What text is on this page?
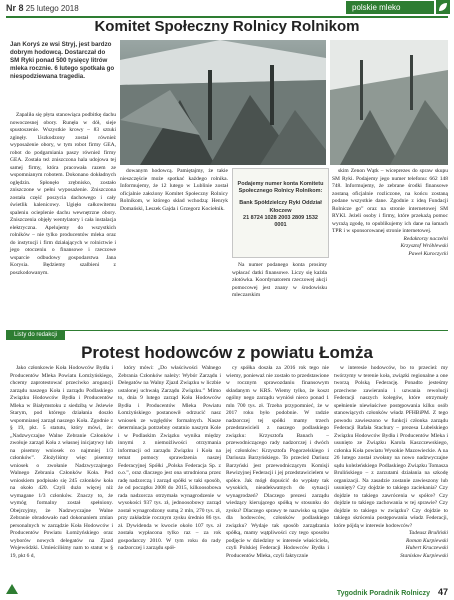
Nr 8 25 lutego 2018	polskie mleko
Komitet Społeczny Rolnicy Rolnikom
Jan Koryś ze wsi Stryj, jest bardzo dobrym hodowcą. Dostarczał do SM Ryki ponad 500 tysięcy litrów mleka rocznie. 6 lutego spotkała go niespodziewana tragedia.

Zapaliła się płyta stanowiąca podbitkę dachu nowoczesnej obory. Runęła w dół, sieje spustoszenie. Wszystkie krowy – 83 sztuki zginęły. Uszkodzony został również wyposażenie obory, w tym robot firmy GEA, robot do podgarniania paszy również firmy GEA. Została też zniszczona hala udojowa tej samej firmy, która pracowała razem ze wspomnianym robotem. Dokonano dokładnych oględzin. Spłonęło zrębnisko, zostało zniszczone w pełni wyposażenie. Zniszczona została część poszycia dachowego i cały świetlik kalenicowy. Ugięło całkowitemu spaleniu ocieplenie dachu wewnętrzne obory. Zniszczenia objęły wentylatory i cała instalacja elektryczna. Apelujemy do wszystkich rolników – nie tylko producentów mleka oraz do instytucji i firm działających w rolnictwie i jego otoczeniu o finansowe i rzeczowe wsparcie odbudowy gospodarstwa Jana Korysia. Będziemy szalbieni z poszkodowanym.

dowanym hodowcą. Pamiętajmy, że takie nieszczęście może spotkać każdego rolnika. Informujemy, że 12 lutego w Lublinie został oficjalnie założony Komitet Społeczny Rolnicy Rolnikom, w którego skład wchodzą: Henryk Domański, Leszek Gajda i Grzegorz Kociełnik.

Podajemy numer konta Komitetu Społecznego Rolnicy Rolnikom:
Bank Spółdzielczy Ryki Oddział Kłoczew
21 8724 1028 2003 2809 1532 0001

Na numer podanego konta prosimy wpłacać datki finansowe. Liczy się każda złotówka. Koordynatorem rzeczowej akcji pomocowej jest znany w środowisku mleczarskim

skim Zenon Wątk – wiceprezes do spraw skupu SM Ryki. Podajemy jego numer telefonu: 662 148 748. Informujemy, że zebrane środki finansowe zostaną oficjalnie rozliczone, na końcu zostaną podane wszystkie dane. Zgodnie z ideą Fundacji Rolnicze go” oraz na stronie internetowej SM RYKI. Jeżeli osoby i firmy, które przekażą pomoc wyrażą zgodę, to opublikujemy ich dane na łamach TPR i w sponsorowanej stronie internetowej.

Redaktorzy naczelni
Krzysztof Wróblewski
Paweł Kuroczycki
Listy do redakcji
Protest hodowców z powiatu Łomża

Jako członkowie Koła Hodowców Bydła i Producentów Mleka Powiatu Łomżyńskiego, chcemy zaprotestować przeciwko arogancji zarządu naszego Koła i zarządu Podlaskiego Związku Hodowców Bydła i Producentów Mleka w Białymstoku z siedzibą w Jeżewie Starym, pod którego działania doszło wspomnianej zarząd naszego Koła. Zgodnie z § 19, pkt. 5 statutu, który mówi, że: „Nadzwyczajne Walne Zebranie Członków zwołuje zarząd Koła z własnej inicjatywy lub na pisemny wniosek co najmniej 1/3 członków”. Złożyliśmy więc pisemny wniosek o zwołanie Nadzwyczajnego Walnego Zebrania Członków Koła. Pod wnioskiem podpisało się 245 członków koła na około 420. Czyli dużo więcej niż wymagane 1/3 członków. Znaczy to, że wymóg formalny został spełniony. Obejrzyjmy, że Nadzwyczajne Walne Zebranie obradowało nad dokonaniem zmian personalnych w zarządzie Koła Hodowców i Producentów Powiatu Łomżyńskiego oraz wyborów nowych delegatów na Zjazd Wojewódzki. Umieściliśmy nam to statut w § 19, pkt 6 d,

który mówi: „Do właściwości Walnego Zebrania Członków należy: Wybór Zarządu i Delegatów na Walny Zjazd Związku w liczbie ustalonej uchwałą Zarządu Związku.” Mimo to, dnia 9 lutego zarząd Koła Hodowców Bydła i Producentów Mleka Powiatu Łomżyńskiego postanowił odrzucić nasz wniosek ze względów formalnych. Nasze determinacja potrzebny ostatnio naszym Kole i w Podlaskim Związku wynika między innymi z niemożliwości otrzymania informacji od zarządu Związku i Koła na temat pomocy sprawdzenia naszej Federacyjnej Spółki „Polska Federacja Sp. z o.o.”, oraz dlaczego jest ona utrudniona przez radę nadzorczą i zarząd spółki w taki sposób, że od początku 2008 do 2015, kilkoosobowa rada nadzorcza otrzymała wynagrodzenie w wysokości 937 tys. zł, jednoosobowy zarząd został wynagrodzony sumą 2 mln, 270 tys. zł, przy zakładzie rocznym zysku średnio 86 tys. zł. Dywidenda w kwocie około 107 tys. zł została wypłacona tylko raz – za rok gospodarczy 2010. W tym roku do rady nadzorczej i zarządu spół-

cy spółka doszła za 2016 rok tego nie wiemy, ponieważ nie zostało to przedstawione w rocznym sprawozdaniu finansowym składanym w KRS. Wiemy tylko, że koszt ogólny nego zarządu wyniósł nieco ponad 1 mln 700 tys. zł. Trzeba przypomnieć, że w 2017 roku było podobnie. W radzie nadzorczej tej spółki mamy trzech przedstawicieli z naszego podlaskiego związku: Krzysztofa Banach – przewodniczącego rady nadzorczej i dwóch jej członków: Krzysztofa Pogorzelskiego i Dariusza Barzyńskiego. To przecież Dariusz Barzyński jest przewodniczącym Komisji Rewizyjnej Federacji i jej przedstawicielem w spółce. Jak mógł dopuścić do wypłaty tak wysokich, nieadekwatnych do sytuacji wynagrodzeń? Dlaczego prezesi zarządu wiedzący kierującego spółką w stosunku do zysku? Dlaczego sprawy te nazwisko są tajne dla hodowców, członków podlaskiego związku? Wydaje tak sposób zarządzania spółką, mamy wątpliwości czy tego sposobu podjęcie w dziedziny w interesie właściciela, czyli Polskiej Federacji Hodowców Bydła i Producentów Mleka, czyli faktycznie

w interesie hodowców, bo to przecież my twórzymy w terenie koła, związki regionalne a one tworzą Polską Federację. Ponadto jesteśmy przeciwne zawierania i uzwania rewolucji Federacji naszych kolegów, które otrzymały spełnienie niewłaściwe postępowania kilku osób stanowiących członków władz PFHBiPM. Z tego powodu zawieszono w funkcji członka zarządu Federacji Rafała Stachury – prezesa Lubelskiego Związku Hodowców Bydła i Producentów Mleka i usunięto ze Związku Karola Kaszczewskiego, członka Koła powiatu Wysokie Mazowieckie. A na 26 lutego został zwołany na nowo nadzwyczajne sądu koleżeńskiego Podlaskiego Związku Tomasza Brulińskiego – z zarzutami działania na szkodę organizacji. Na zasadzie zostanie zawieszony lub usunięty? Czy dojdzie to takiego zaciekania? Czy dojdzie to takiego zawrócenia w spółce? Czy dojdzie to takiego zachowania w tej sprawie? Czy dojdzie to takiego w związku? Czy dojdzie to takiego skrócenia postępowania władz Federacji, które pójdą w interesie hodowców?

Tadeusz Bruliński
Roman Kurpiewski
Hubert Kruczewski
Stanisław Kurpiewski
Tygodnik Poradnik Rolniczy 47
